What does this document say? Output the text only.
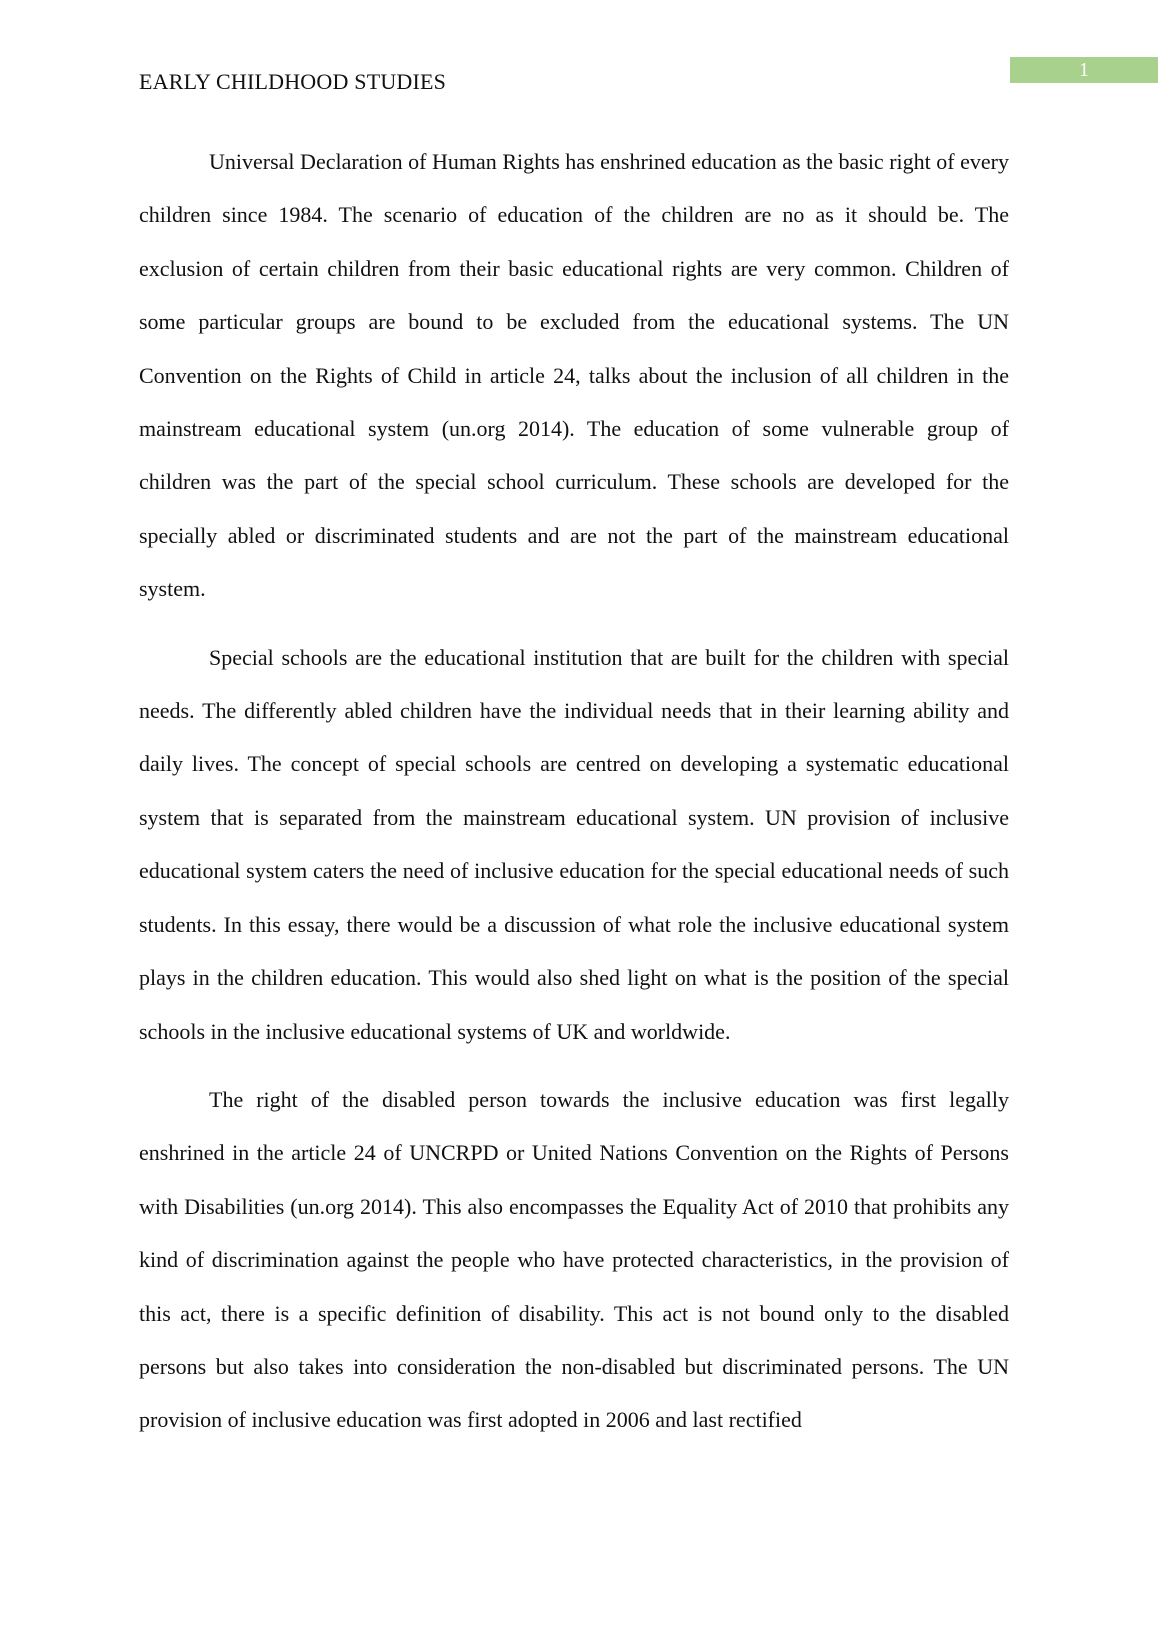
1
EARLY CHILDHOOD STUDIES

Universal Declaration of Human Rights has enshrined education as the basic right of every children since 1984. The scenario of education of the children are no as it should be. The exclusion of certain children from their basic educational rights are very common. Children of some particular groups are bound to be excluded from the educational systems. The UN Convention on the Rights of Child in article 24, talks about the inclusion of all children in the mainstream educational system (un.org 2014). The education of some vulnerable group of children was the part of the special school curriculum. These schools are developed for the specially abled or discriminated students and are not the part of the mainstream educational system.

Special schools are the educational institution that are built for the children with special needs. The differently abled children have the individual needs that in their learning ability and daily lives. The concept of special schools are centred on developing a systematic educational system that is separated from the mainstream educational system. UN provision of inclusive educational system caters the need of inclusive education for the special educational needs of such students. In this essay, there would be a discussion of what role the inclusive educational system plays in the children education. This would also shed light on what is the position of the special schools in the inclusive educational systems of UK and worldwide.

The right of the disabled person towards the inclusive education was first legally enshrined in the article 24 of UNCRPD or United Nations Convention on the Rights of Persons with Disabilities (un.org 2014). This also encompasses the Equality Act of 2010 that prohibits any kind of discrimination against the people who have protected characteristics, in the provision of this act, there is a specific definition of disability. This act is not bound only to the disabled persons but also takes into consideration the non-disabled but discriminated persons. The UN provision of inclusive education was first adopted in 2006 and last rectified
